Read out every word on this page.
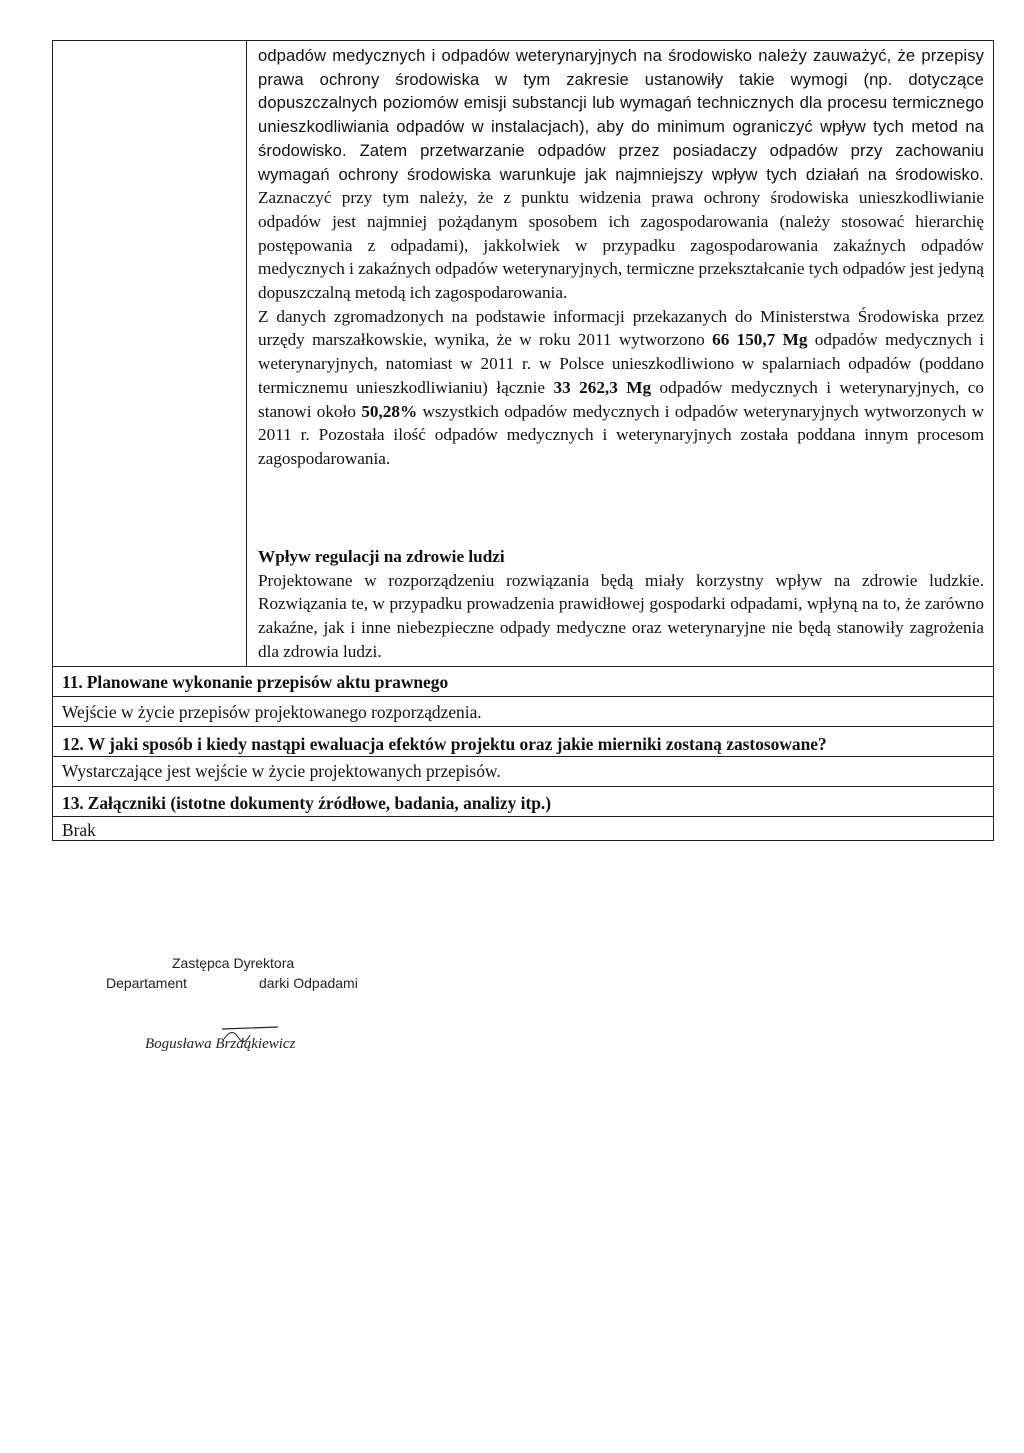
odpadów medycznych i odpadów weterynaryjnych na środowisko należy zauważyć, że przepisy prawa ochrony środowiska w tym zakresie ustanowiły takie wymogi (np. dotyczące dopuszczalnych poziomów emisji substancji lub wymagań technicznych dla procesu termicznego unieszkodliwiania odpadów w instalacjach), aby do minimum ograniczyć wpływ tych metod na środowisko. Zatem przetwarzanie odpadów przez posiadaczy odpadów przy zachowaniu wymagań ochrony środowiska warunkuje jak najmniejszy wpływ tych działań na środowisko. Zaznaczyć przy tym należy, że z punktu widzenia prawa ochrony środowiska unieszkodliwianie odpadów jest najmniej pożądanym sposobem ich zagospodarowania (należy stosować hierarchię postępowania z odpadami), jakkolwiek w przypadku zagospodarowania zakaźnych odpadów medycznych i zakaźnych odpadów weterynaryjnych, termiczne przekształcanie tych odpadów jest jedyną dopuszczalną metodą ich zagospodarowania.

Z danych zgromadzonych na podstawie informacji przekazanych do Ministerstwa Środowiska przez urzędy marszałkowskie, wynika, że w roku 2011 wytworzono 66 150,7 Mg odpadów medycznych i weterynaryjnych, natomiast w 2011 r. w Polsce unieszkodliwiono w spalarniach odpadów (poddano termicznemu unieszkodliwianiu) łącznie 33 262,3 Mg odpadów medycznych i weterynaryjnych, co stanowi około 50,28% wszystkich odpadów medycznych i odpadów weterynaryjnych wytworzonych w 2011 r. Pozostała ilość odpadów medycznych i weterynaryjnych została poddana innym procesom zagospodarowania.

Wpływ regulacji na zdrowie ludzi

Projektowane w rozporządzeniu rozwiązania będą miały korzystny wpływ na zdrowie ludzkie. Rozwiązania te, w przypadku prowadzenia prawidłowej gospodarki odpadami, wpłyną na to, że zarówno zakaźne, jak i inne niebezpieczne odpady medyczne oraz weterynaryjne nie będą stanowiły zagrożenia dla zdrowia ludzi.

11. Planowane wykonanie przepisów aktu prawnego
Wejście w życie przepisów projektowanego rozporządzenia.
12. W jaki sposób i kiedy nastąpi ewaluacja efektów projektu oraz jakie mierniki zostaną zastosowane?
Wystarczające jest wejście w życie projektowanych przepisów.
13. Załączniki (istotne dokumenty źródłowe, badania, analizy itp.)
Brak
Zastępca Dyrektora
Departament	darki Odpadami
Bogusława Brzdąkiewicz
